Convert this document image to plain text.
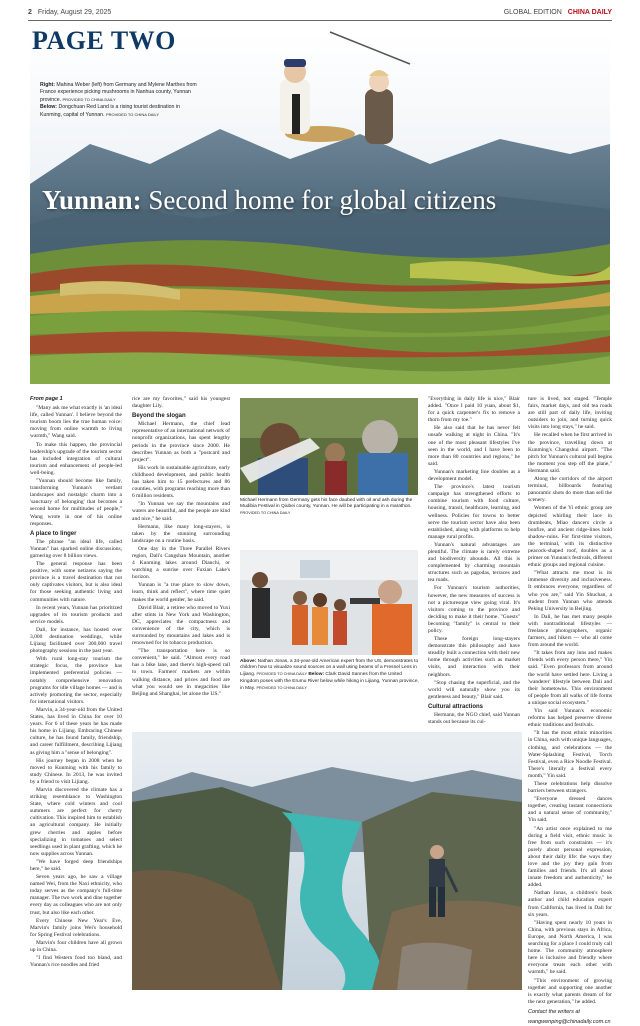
2 Friday, August 29, 2025	GLOBAL EDITION CHINA DAILY
PAGE TWO
Right: Mahina Weber (left) from Germany and Mylene Marthes from France experience picking mushrooms in Nanhua county, Yunnan province. PROVIDED TO CHINA DAILY
Below: Dongchuan Red Land is a rising tourist destination in Kunming, capital of Yunnan. PROVIDED TO CHINA DAILY
Yunnan: Second home for global citizens
From page 1

"Many ask me what exactly is 'an ideal life, called Yunnan'. I believe beyond the tourism boom lies the true human voice: moving from online warmth to living warmth," Wang said.

To make this happen, the provincial leadership's upgrade of the tourism sector has included integration of cultural tourism and enhancement of people-led well-being.

"Yunnan should become like family, transforming Yunnan's verdant landscapes and nostalgic charm into a 'sanctuary of belonging' that becomes a second home for multitudes of people," Wang wrote in one of his online responses.

A place to linger

The phrase "an ideal life, called Yunnan" has sparked online discussions, garnering over 8 billion views.

The general response has been positive, with some netizens saying the province is a travel destination that not only captivates visitors, but is also ideal for those seeking authentic living and communities with nature.

In recent years, Yunnan has prioritized upgrades of its tourism products and service models.

Dali, for instance, has hosted over 3,000 destination weddings, while Lijiang facilitated over 300,000 travel photography sessions in the past year.

With rural long-stay tourism the strategic focus, the province has implemented preferential policies — notably comprehensive renovation programs for idle village homes — and is actively promoting the sector, especially for international visitors.

Marvin, a 34-year-old from the United States, has lived in China for over 10 years. For 6 of these years he has made his home in Lijiang. Embracing Chinese culture, he has found family, friendship, and career fulfillment, describing Lijiang as giving him a "sense of belonging".

His journey began in 2008 when he moved to Kunming with his family to study Chinese. In 2013, he was invited by a friend to visit Lijiang.

Marvin discovered the climate has a striking resemblance to Washington State, where cold winters and cool summers are perfect for cherry cultivation. This inspired him to establish an agricultural company. He initially grew cherries and apples before specializing in tomatoes and select seedlings used in plant grafting, which he now supplies across Yunnan.

"We have forged deep friendships here," he said.

Seven years ago, he saw a village named Wei, from the Naxi ethnicity, who today serves as the company's full-time manager. The two work and dine together every day as colleagues who are not only trust, but also like each other.

Every Chinese New Year's Eve, Marvin's family joins Wei's household for Spring Festival celebrations.

Marvin's four children have all grown up in China.

"I find Western food too bland, and Yunnan's rice noodles and fried

rice are my favorites," said his youngest daughter Lily.

Beyond the slogan

Michael Hermann, the chief lead representative of an international network of nonprofit organizations, has spent lengthy periods in the province since 2000. He describes Yunnan as both a "postcard and project".

His work in sustainable agriculture, early childhood development, and public health has taken him to 15 prefectures and 86 counties, with programs reaching more than 6 million residents.

"In Yunnan we say the mountains and waters are beautiful, and the people are kind and nice," he said.

Hermann, like many long-stayers, is taken by the stunning surrounding landscape on a routine basis.

One day in the Three Parallel Rivers region, Dali's Cangshan Mountain, another 4 Kunming lakes around Dianchi, or watching a sunrise over Fuxian Lake's horizon.

Yunnan is "a true place to slow down, learn, think and reflect", where time quiet makes the world gentler, he said.

David Blair, a retiree who moved to Yuxi after stints in New York and Washington, DC, appreciates the compactness and convenience of the city, which is surrounded by mountains and lakes and is renowned for its tobacco production.

"The transportation here is so convenient," he said. "Almost every road has a bike lane, and there's high-speed rail to town. Farmers' markets are within walking distance, and prices and food are what you would see in megacities like Beijing and Shanghai, let alone the US."

Michael Hermann from Germany gets his face daubed with oil and ash during the Mudibia Festival in Qiubei county, Yunnan. He will be participating in a marathon. PROVIDED TO CHINA DAILY
Above: Nathan Jonas, a 34-year-old American expert from the US, demonstrates to children how to visualize sound sources on a wall using beams of a Fresnel Lens in Lijiang. PROVIDED TO CHINA DAILY Below: Clark David Sannes from the United Kingdom poses with the Erumu River below while hiking in Lijiang, Yunnan province, in May. PROVIDED TO CHINA DAILY

"Everything in daily life is nice," Blair added. "Once I paid 10 yuan, about $1, for a quick carpenter's fix to remove a thorn from my toe."

He also said that he has never felt unsafe walking at night in China. "It's one of the most pleasant lifestyles I've seen in the world, and I have been to more than 80 countries and regions," he said.

Yunnan's marketing line doubles as a development model.

The province's latest tourism campaign has strengthened efforts to combine tourism with food culture, housing, transit, healthcare, learning, and wellness. Policies for towns to better serve the tourism sector have also been established, along with platforms to help manage rural profits.

Yunnan's natural advantages are plentiful. The climate is rarely extreme and biodiversity abounds. All this is complemented by charming mountain structures such as pagodas, terraces and tea roads.

For Yunnan's tourism authorities, however, the new measures of success is not a picturesque view going viral. It's visitors coming to the province and deciding to make it their home. "Guests" becoming "family" is central to their policy.

These foreign long-stayers demonstrate this philosophy and have steadily built a connection with their new home through activities such as market visits, and interaction with their neighbors.

"Stop chasing the superficial, and the world will naturally show you its gentleness and beauty," Blair said.

Cultural attractions

Hermann, the NGO chief, said Yunnan stands out because its cul-

ture is lived, not staged. "Temple fairs, market days, and old tea roads are still part of daily life, inviting outsiders to join, and turning quick visits into long stays," he said.

He recalled when he first arrived in the province, travelling down at Kunming's Changshui airport. "The pitch for Yunnan's cultural pull begins the moment you step off the plane," Hermann said.

Along the corridors of the airport terminal, billboards featuring panoramic shots do more than sell the scenery.

Women of the Yi ethnic group are depicted whirling their lace in drumbeats, Miao dancers circle a bonfire, and ancient ridge-lines hold shadow-ruins. For first-time visitors, the terminal, with its distinctive peacock-shaped roof, doubles as a primer on Yunnan's festivals, different ethnic groups and regional cuisine.

"What attracts me most is its immense diversity and inclusiveness. It embraces everyone, regardless of who you are," said Yin Shuchan, a student from Yunnan who attends Peking University in Beijing.

In Dali, he has met many people with nontraditional lifestyles — freelance photographers, organic farmers, and hikers — who all come from around the world.

"It takes from any inns and makes friends with every person there," Yin said. "Even professors from around the world have settled here. Living a 'wanderer' lifestyle between Dali and their hometowns. This environment of people from all walks of life forms a unique social ecosystem."

Yin said Yunnan's economic reforms has helped preserve diverse ethnic traditions and festivals.

"It has the most ethnic minorities in China, each with unique languages, clothing, and celebrations — the Water-Splashing Festival, Torch Festival, even a Rice Noodle Festival. There's literally a festival every month," Yin said.

These celebrations help dissolve barriers between strangers.

"Everyone dressed dances together, creating instant connections and a natural sense of community," Yin said.

"An artist once explained to me during a field visit, ethnic music is free from such constraints — it's purely about personal expression, about their daily life: the ways they love and the joy they gain from families and friends. It's all about innate freedom and authenticity," he added.

Nathan Jonas, a children's book author and child education expert from California, has lived in Dali for six years.

"Having spent nearly 10 years in China, with previous stays in Africa, Europe, and North America, I was searching for a place I could truly call home. The community atmosphere here is inclusive and friendly where everyone treats each other with warmth," he said.

"This environment of growing together and supporting one another is exactly what parents dream of for the next generation," he added.

Contact the writers at
wangwenping@chinadaily.com.cn
